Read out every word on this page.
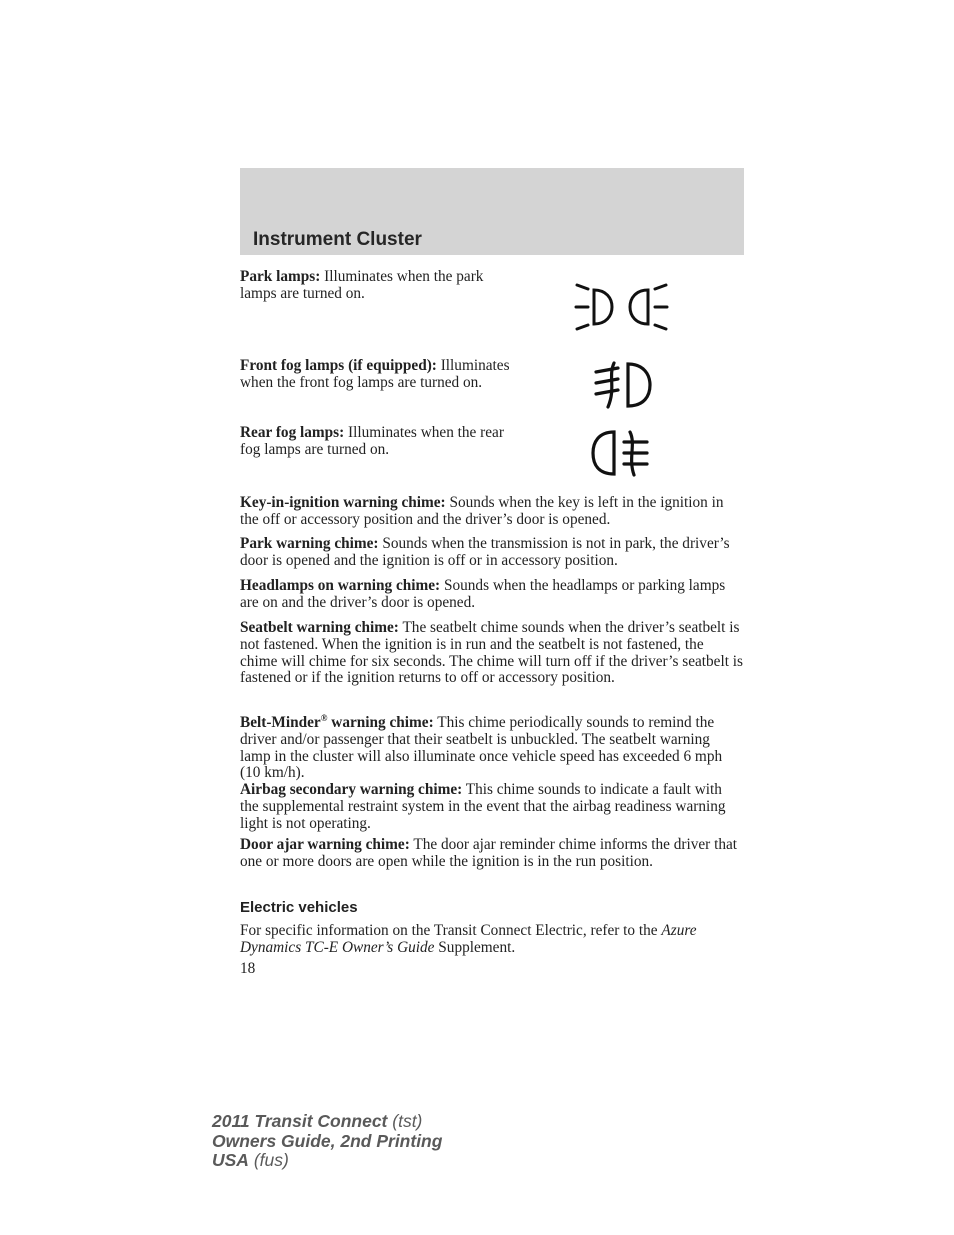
Instrument Cluster
Park lamps: Illuminates when the park lamps are turned on.
Front fog lamps (if equipped): Illuminates when the front fog lamps are turned on.
Rear fog lamps: Illuminates when the rear fog lamps are turned on.
Key-in-ignition warning chime: Sounds when the key is left in the ignition in the off or accessory position and the driver’s door is opened.
Park warning chime: Sounds when the transmission is not in park, the driver’s door is opened and the ignition is off or in accessory position.
Headlamps on warning chime: Sounds when the headlamps or parking lamps are on and the driver’s door is opened.
Seatbelt warning chime: The seatbelt chime sounds when the driver’s seatbelt is not fastened. When the ignition is in run and the seatbelt is not fastened, the chime will chime for six seconds. The chime will turn off if the driver’s seatbelt is fastened or if the ignition returns to off or accessory position.
Belt-Minder® warning chime: This chime periodically sounds to remind the driver and/or passenger that their seatbelt is unbuckled. The seatbelt warning lamp in the cluster will also illuminate once vehicle speed has exceeded 6 mph (10 km/h).
Airbag secondary warning chime: This chime sounds to indicate a fault with the supplemental restraint system in the event that the airbag readiness warning light is not operating.
Door ajar warning chime: The door ajar reminder chime informs the driver that one or more doors are open while the ignition is in the run position.
Electric vehicles
For specific information on the Transit Connect Electric, refer to the Azure Dynamics TC-E Owner’s Guide Supplement.
18
2011 Transit Connect (tst)
Owners Guide, 2nd Printing
USA (fus)
